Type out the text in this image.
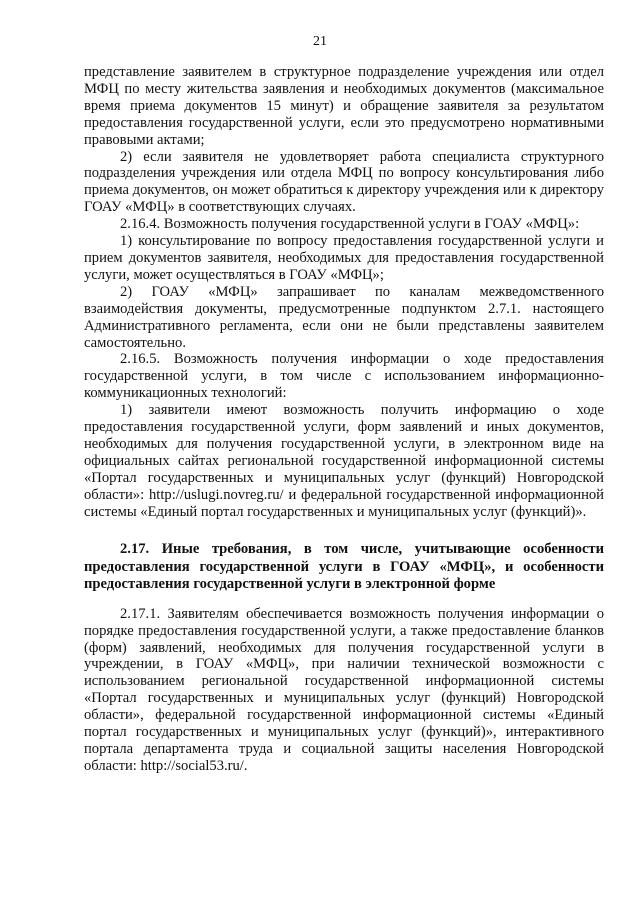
21

представление заявителем в структурное подразделение учреждения или отдел МФЦ по месту жительства заявления и необходимых документов (максимальное время приема документов 15 минут) и обращение заявителя за результатом предоставления государственной услуги, если это предусмотрено нормативными правовыми актами;

2) если заявителя не удовлетворяет работа специалиста структурного подразделения учреждения или отдела МФЦ по вопросу консультирования либо приема документов, он может обратиться к директору учреждения или к директору ГОАУ «МФЦ» в соответствующих случаях.

2.16.4. Возможность получения государственной услуги в ГОАУ «МФЦ»:

1) консультирование по вопросу предоставления государственной услуги и прием документов заявителя, необходимых для предоставления государственной услуги, может осуществляться в ГОАУ «МФЦ»;

2) ГОАУ «МФЦ» запрашивает по каналам межведомственного взаимодействия документы, предусмотренные подпунктом 2.7.1. настоящего Административного регламента, если они не были представлены заявителем самостоятельно.

2.16.5. Возможность получения информации о ходе предоставления государственной услуги, в том числе с использованием информационно-коммуникационных технологий:

1) заявители имеют возможность получить информацию о ходе предоставления государственной услуги, форм заявлений и иных документов, необходимых для получения государственной услуги, в электронном виде на официальных сайтах региональной государственной информационной системы «Портал государственных и муниципальных услуг (функций) Новгородской области»: http://uslugi.novreg.ru/ и федеральной государственной информационной системы «Единый портал государственных и муниципальных услуг (функций)».

2.17. Иные требования, в том числе, учитывающие особенности предоставления государственной услуги в ГОАУ «МФЦ», и особенности предоставления государственной услуги в электронной форме

2.17.1. Заявителям обеспечивается возможность получения информации о порядке предоставления государственной услуги, а также предоставление бланков (форм) заявлений, необходимых для получения государственной услуги в учреждении, в ГОАУ «МФЦ», при наличии технической возможности с использованием региональной государственной информационной системы «Портал государственных и муниципальных услуг (функций) Новгородской области», федеральной государственной информационной системы «Единый портал государственных и муниципальных услуг (функций)», интерактивного портала департамента труда и социальной защиты населения Новгородской области: http://social53.ru/.
